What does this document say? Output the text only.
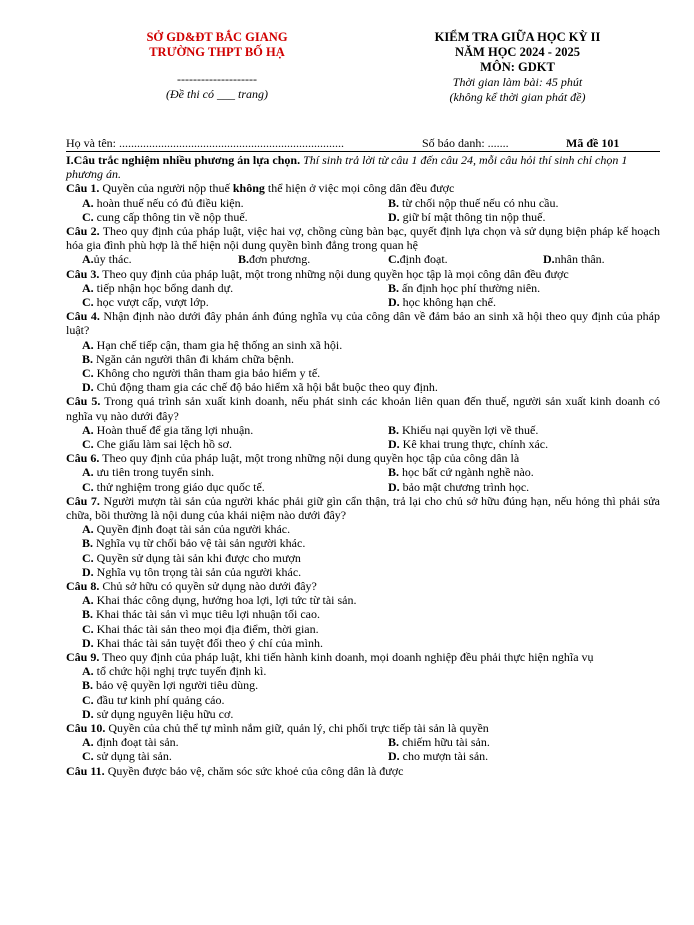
SỞ GD&ĐT BẮC GIANG
TRƯỜNG THPT BỐ HẠ
--------------------
(Đề thi có ___ trang)
KIỂM TRA GIỮA HỌC KỲ II
NĂM HỌC 2024 - 2025
MÔN: GDKT
Thời gian làm bài: 45 phút
(không kể thời gian phát đề)
Họ và tên: ...........................................................................	Số báo danh: .......	Mã đề 101
I.Câu trắc nghiệm nhiều phương án lựa chọn. Thí sinh trả lời từ câu 1 đến câu 24, mỗi câu hỏi thí sinh chỉ chọn 1 phương án.
Câu 1. Quyền của người nộp thuế không thể hiện ở việc mọi công dân đều được
A. hoàn thuế nếu có đủ điều kiện.	B. từ chối nộp thuế nếu có nhu cầu.
C. cung cấp thông tin về nộp thuế.	D. giữ bí mật thông tin nộp thuế.
Câu 2. Theo quy định của pháp luật, việc hai vợ, chồng cùng bàn bạc, quyết định lựa chọn và sử dụng biện pháp kế hoạch hóa gia đình phù hợp là thể hiện nội dung quyền bình đẳng trong quan hệ
A. ủy thác.	B. đơn phương.	C. định đoạt.	D. nhân thân.
Câu 3. Theo quy định của pháp luật, một trong những nội dung quyền học tập là mọi công dân đều được
A. tiếp nhận học bổng danh dự.	B. ấn định học phí thường niên.
C. học vượt cấp, vượt lớp.	D. học không hạn chế.
Câu 4. Nhận định nào dưới đây phản ánh đúng nghĩa vụ của công dân về đảm bảo an sinh xã hội theo quy định của pháp luật?
A. Hạn chế tiếp cận, tham gia hệ thống an sinh xã hội.
B. Ngăn cản người thân đi khám chữa bệnh.
C. Không cho người thân tham gia bảo hiểm y tế.
D. Chủ động tham gia các chế độ bảo hiểm xã hội bắt buộc theo quy định.
Câu 5. Trong quá trình sản xuất kinh doanh, nếu phát sinh các khoản liên quan đến thuế, người sản xuất kinh doanh có nghĩa vụ nào dưới đây?
A. Hoàn thuế để gia tăng lợi nhuận.	B. Khiếu nại quyền lợi về thuế.
C. Che giấu làm sai lệch hồ sơ.	D. Kê khai trung thực, chính xác.
Câu 6. Theo quy định của pháp luật, một trong những nội dung quyền học tập của công dân là
A. ưu tiên trong tuyển sinh.	B. học bất cứ ngành nghề nào.
C. thử nghiệm trong giáo dục quốc tế.	D. bảo mật chương trình học.
Câu 7. Người mượn tài sản của người khác phải giữ gìn cẩn thận, trả lại cho chủ sở hữu đúng hạn, nếu hỏng thì phải sửa chữa, bồi thường là nội dung của khái niệm nào dưới đây?
A. Quyền định đoạt tài sản của người khác.
B. Nghĩa vụ từ chối bảo vệ tài sản người khác.
C. Quyền sử dụng tài sản khi được cho mượn
D. Nghĩa vụ tôn trọng tài sản của người khác.
Câu 8. Chủ sở hữu có quyền sử dụng nào dưới đây?
A. Khai thác công dụng, hưởng hoa lợi, lợi tức từ tài sản.
B. Khai thác tài sản vì mục tiêu lợi nhuận tối cao.
C. Khai thác tài sản theo mọi địa điểm, thời gian.
D. Khai thác tài sản tuyệt đối theo ý chí của mình.
Câu 9. Theo quy định của pháp luật, khi tiến hành kinh doanh, mọi doanh nghiệp đều phải thực hiện nghĩa vụ
A. tổ chức hội nghị trực tuyến định kì.
B. bảo vệ quyền lợi người tiêu dùng.
C. đầu tư kinh phí quảng cáo.
D. sử dụng nguyên liệu hữu cơ.
Câu 10. Quyền của chủ thể tự mình nắm giữ, quản lý, chi phối trực tiếp tài sản là quyền
A. định đoạt tài sản.	B. chiếm hữu tài sản.
C. sử dụng tài sản.	D. cho mượn tài sản.
Câu 11. Quyền được bảo vệ, chăm sóc sức khoẻ của công dân là được
